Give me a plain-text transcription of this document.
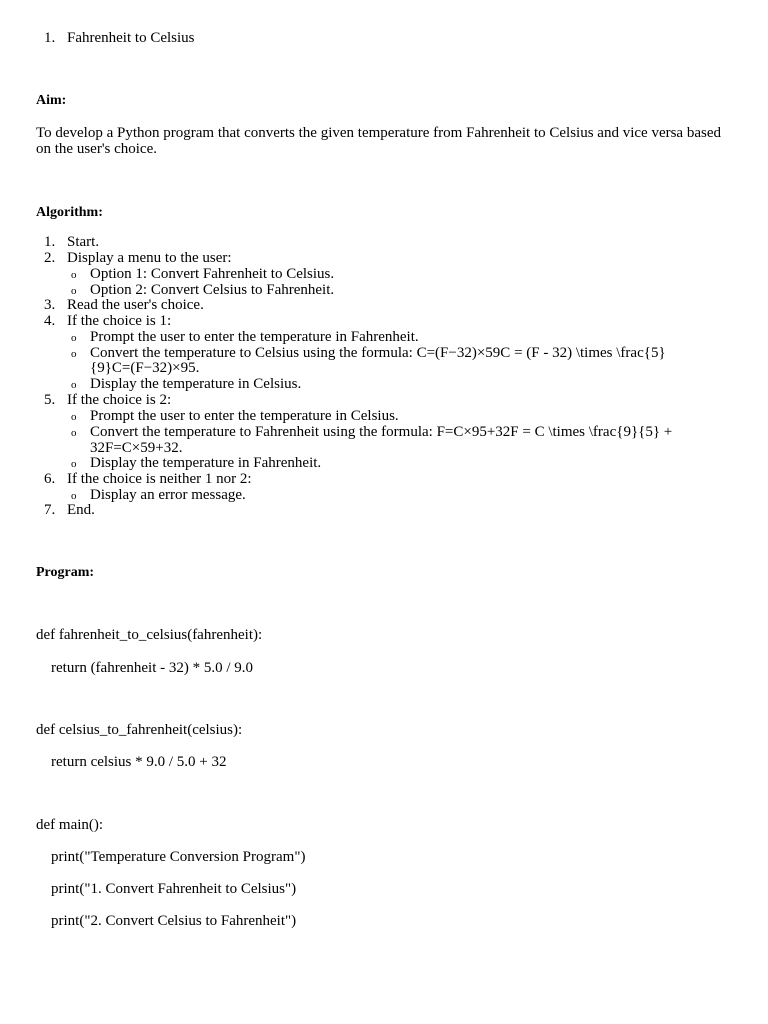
1. Fahrenheit to Celsius
Aim:
To develop a Python program that converts the given temperature from Fahrenheit to Celsius and vice versa based on the user's choice.
Algorithm:
1. Start.
2. Display a menu to the user:
o Option 1: Convert Fahrenheit to Celsius.
o Option 2: Convert Celsius to Fahrenheit.
3. Read the user's choice.
4. If the choice is 1:
o Prompt the user to enter the temperature in Fahrenheit.
o Convert the temperature to Celsius using the formula: C=(F−32)×59C = (F - 32) \times \frac{5}
{9}C=(F−32)×95.
o Display the temperature in Celsius.
5. If the choice is 2:
o Prompt the user to enter the temperature in Celsius.
o Convert the temperature to Fahrenheit using the formula: F=C×95+32F = C \times \frac{9}{5} +
32F=C×59+32.
o Display the temperature in Fahrenheit.
6. If the choice is neither 1 nor 2:
o Display an error message.
7. End.
Program:
def fahrenheit_to_celsius(fahrenheit):
return (fahrenheit - 32) * 5.0 / 9.0
def celsius_to_fahrenheit(celsius):
return celsius * 9.0 / 5.0 + 32
def main():
print("Temperature Conversion Program")
print("1. Convert Fahrenheit to Celsius")
print("2. Convert Celsius to Fahrenheit")
